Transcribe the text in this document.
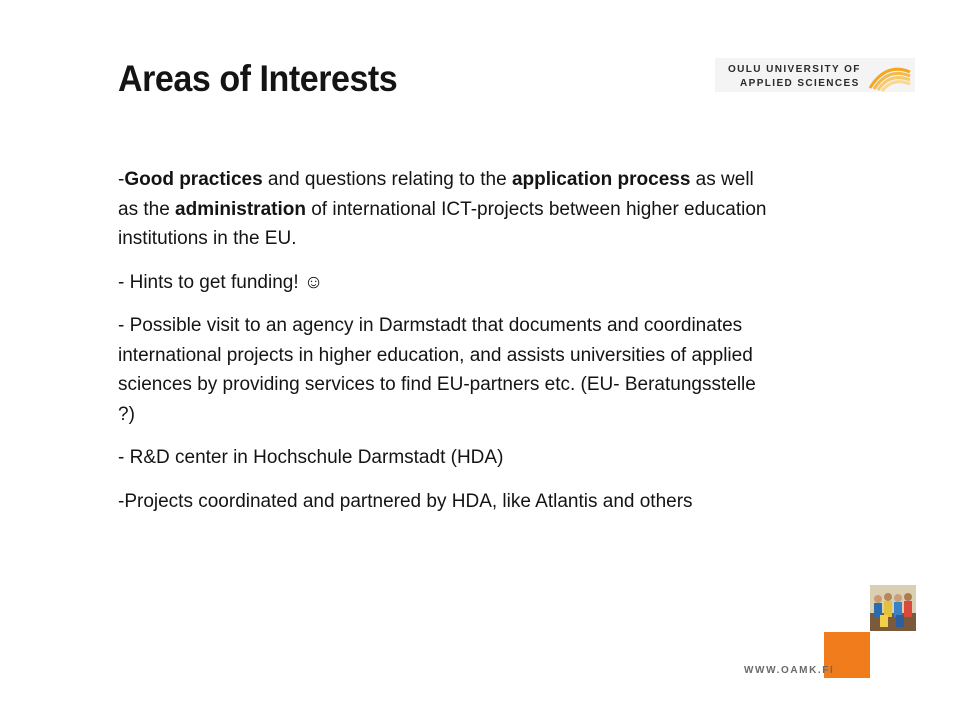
Areas of Interests	OULU UNIVERSITY OF
APPLIED SCIENCES

-Good practices and questions relating to the application process as well as the administration of international ICT-projects between higher education institutions in the EU.

- Hints to get funding! ☺

- Possible visit to an agency in Darmstadt that documents and coordinates international projects in higher education, and assists universities of applied sciences by providing services to find EU-partners etc. (EU- Beratungsstelle ?)

- R&D center in Hochschule Darmstadt (HDA)

-Projects coordinated and partnered by HDA, like Atlantis and others

WWW.OAMK.FI
